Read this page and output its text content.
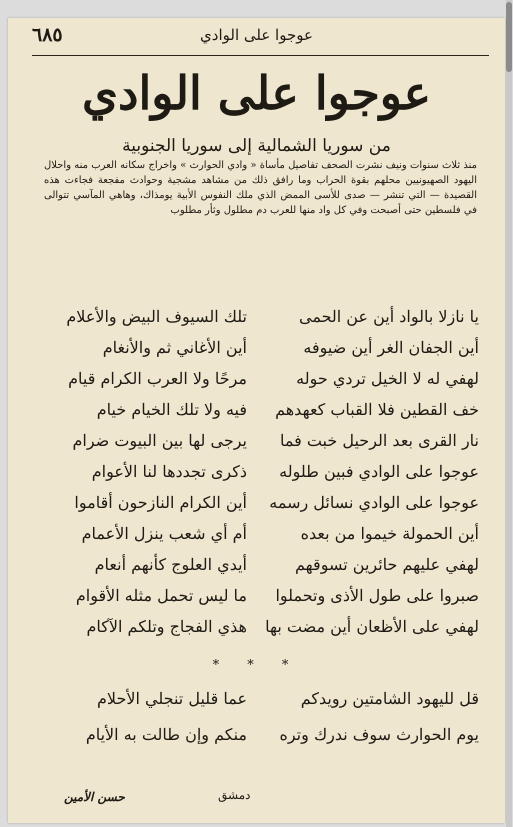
٦٨٥	عوجوا على الوادي
عوجوا على الوادي
من سوريا الشمالية إلى سوريا الجنوبية
منذ ثلاث سنوات ونيف نشرت الصحف تفاصيل مأساة « وادي الحوارث » واخراج سكانه العرب منه واحلال اليهود الصهيونيين محلهم بقوة الحراب وما رافق ذلك من مشاهد مشجية وحوادث مفجعة فجاءت هذه القصيدة — التي تنشر — صدى للأسى الممض الذي ملك النفوس الأبية يومذاك، وهاهي المآسي تتوالى في فلسطين حتى أصبحت وفي كل واد منها للعرب دم مطلول وثأر مطلوب
يا نازلا بالواد أين عن الحمى
تلك السيوف البيض والأعلام
أين الجفان الغر أين ضيوفه
أين الأغاني ثم والأنغام
لهفي له لا الخيل تردي حوله
مرحًا ولا العرب الكرام قيام
خف القطين فلا القباب كعهدهم
فيه ولا تلك الخيام خيام
نار القرى بعد الرحيل خبت فما
يرجى لها بين البيوت ضرام
عوجوا على الوادي فبين طلوله
ذكرى تجددها لنا الأعوام
عوجوا على الوادي نسائل رسمه
أين الكرام النازحون أقاموا
أين الحمولة خيموا من بعده
أم أي شعب ينزل الأعمام
لهفي عليهم حائرين تسوقهم
أيدي العلوج كأنهم أنعام
صبروا على طول الأذى وتحملوا
ما ليس تحمل مثله الأقوام
لهفي على الأظعان أين مضت بها
هذي الفجاج وتلكم الآكام
* * *
قل لليهود الشامتين رويدكم
عما قليل تنجلي الأحلام
يوم الحوارث سوف ندرك وتره
منكم وإن طالت به الأيام
دمشق
حسن الأمين
